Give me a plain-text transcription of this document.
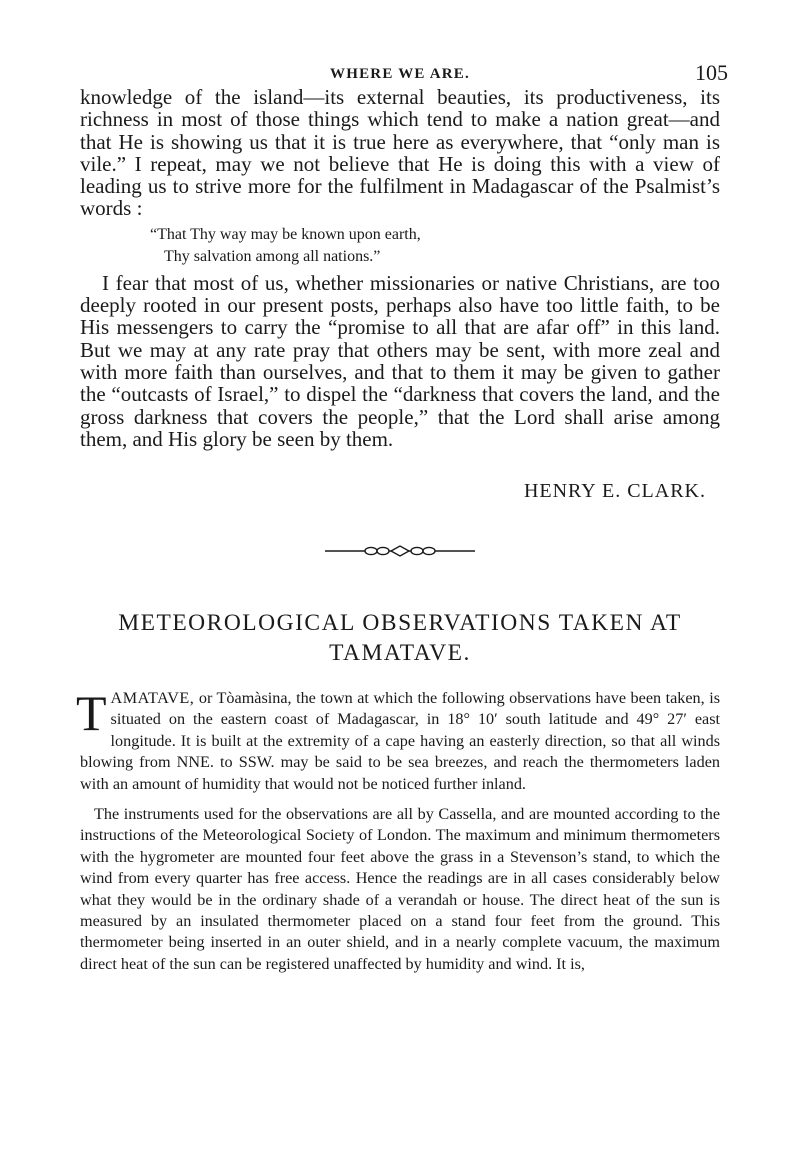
WHERE WE ARE.	105

knowledge of the island—its external beauties, its productiveness, its richness in most of those things which tend to make a nation great—and that He is showing us that it is true here as everywhere, that “only man is vile.” I repeat, may we not believe that He is doing this with a view of leading us to strive more for the fulfilment in Madagascar of the Psalmist’s words :

“That Thy way may be known upon earth,
Thy salvation among all nations.”

I fear that most of us, whether missionaries or native Christians, are too deeply rooted in our present posts, perhaps also have too little faith, to be His messengers to carry the “promise to all that are afar off” in this land. But we may at any rate pray that others may be sent, with more zeal and with more faith than ourselves, and that to them it may be given to gather the “outcasts of Israel,” to dispel the “darkness that covers the land, and the gross darkness that covers the people,” that the Lord shall arise among them, and His glory be seen by them.

HENRY E. CLARK.
METEOROLOGICAL OBSERVATIONS TAKEN AT
TAMATAVE.

TAMATAVE, or Tòamàsina, the town at which the following observations have been taken, is situated on the eastern coast of Madagascar, in 18° 10′ south latitude and 49° 27′ east longitude. It is built at the extremity of a cape having an easterly direction, so that all winds blowing from NNE. to SSW. may be said to be sea breezes, and reach the thermometers laden with an amount of humidity that would not be noticed further inland.

The instruments used for the observations are all by Cassella, and are mounted according to the instructions of the Meteorological Society of London. The maximum and minimum thermometers with the hygrometer are mounted four feet above the grass in a Stevenson’s stand, to which the wind from every quarter has free access. Hence the readings are in all cases considerably below what they would be in the ordinary shade of a verandah or house. The direct heat of the sun is measured by an insulated thermometer placed on a stand four feet from the ground. This thermometer being inserted in an outer shield, and in a nearly complete vacuum, the maximum direct heat of the sun can be registered unaffected by humidity and wind. It is,
